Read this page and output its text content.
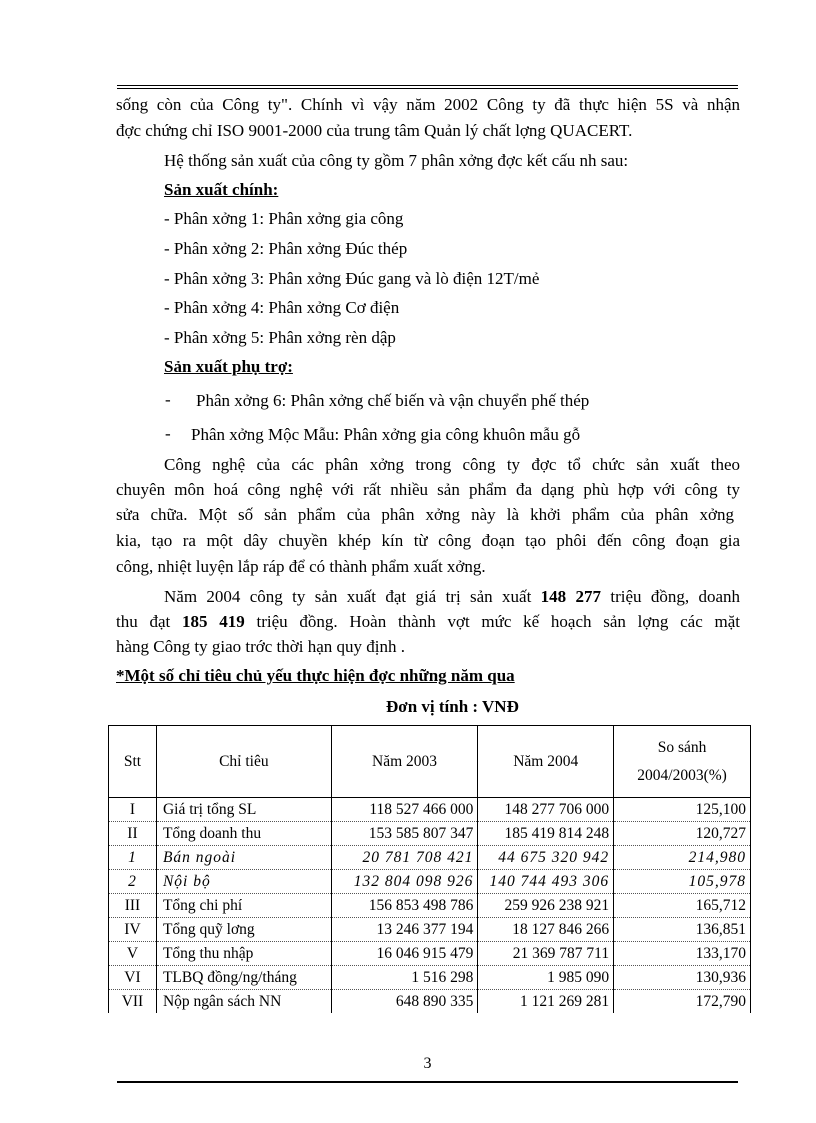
sống còn của Công ty". Chính vì vậy năm 2002 Công ty đã thực hiện 5S và nhận
đợc chứng chỉ ISO 9001-2000 của trung tâm Quản lý chất lợng QUACERT.
Hệ thống sản xuất của công ty gồm 7 phân xởng đợc kết cấu nh sau:
Sản xuất chính:
- Phân xởng 1: Phân xởng gia công
- Phân xởng 2: Phân xởng Đúc thép
- Phân xởng 3: Phân xởng Đúc gang và lò điện 12T/mẻ
- Phân xởng 4: Phân xởng Cơ điện
- Phân xởng 5: Phân xởng rèn dập
Sản xuất phụ trợ:
- Phân xởng 6: Phân xởng chế biến và vận chuyển phế thép
- Phân xởng Mộc Mẫu: Phân xởng gia công khuôn mẫu gỗ
Công nghệ của các phân xởng trong công ty đợc tổ chức sản xuất theo
chuyên môn hoá công nghệ với rất nhiều sản phẩm đa dạng phù hợp với công ty
sửa chữa. Một số sản phẩm của phân xởng này là khởi phẩm của phân xởng
kia, tạo ra một dây chuyền khép kín từ công đoạn tạo phôi đến công đoạn gia
công, nhiệt luyện lắp ráp để có thành phẩm xuất xởng.
Năm 2004 công ty sản xuất đạt giá trị sản xuất 148 277 triệu đồng, doanh
thu đạt 185 419 triệu đồng. Hoàn thành vợt mức kế hoạch sản lợng các mặt
hàng Công ty giao trớc thời hạn quy định .
*Một số chỉ tiêu chủ yếu thực hiện đợc những năm qua
Đơn vị tính : VNĐ
Stt	Chỉ tiêu	Năm 2003	Năm 2004	So sánh
2004/2003(%)
I	Giá trị tổng SL	118 527 466 000	148 277 706 000	125,100
II	Tổng doanh thu	153 585 807 347	185 419 814 248	120,727
1	Bán ngoài	20 781 708 421	44 675 320 942	214,980
2	Nội bộ	132 804 098 926	140 744 493 306	105,978
III	Tổng chi phí	156 853 498 786	259 926 238 921	165,712
IV	Tổng quỹ lơng	13 246 377 194	18 127 846 266	136,851
V	Tổng thu nhập	16 046 915 479	21 369 787 711	133,170
VI	TLBQ đồng/ng/tháng	1 516 298	1 985 090	130,936
VII	Nộp ngân sách NN	648 890 335	1 121 269 281	172,790
3
